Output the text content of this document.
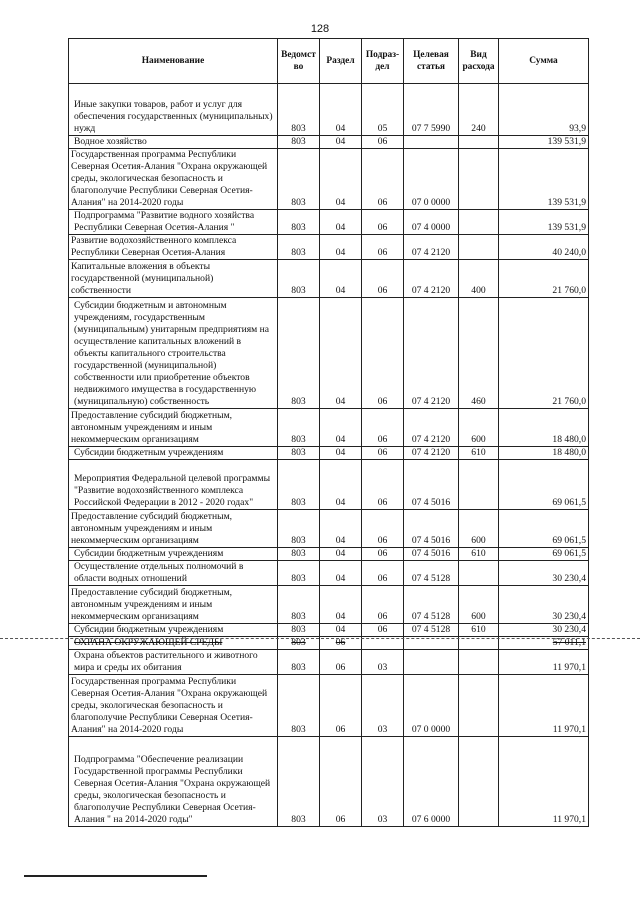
128
Наименование	Ведомст во	Раздел	Подраз- дел	Целевая статья	Вид расхода	Сумма
Иные закупки товаров, работ и услуг для обеспечения государственных (муниципальных) нужд	803	04	05	07 7 5990	240	93,9
Водное хозяйство	803	04	06			139 531,9
Государственная программа Республики Северная Осетия-Алания "Охрана окружающей среды, экологическая безопасность и благополучие Республики Северная Осетия-Алания" на 2014-2020 годы	803	04	06	07 0 0000		139 531,9
Подпрограмма "Развитие водного хозяйства Республики Северная Осетия-Алания "	803	04	06	07 4 0000		139 531,9
Развитие водохозяйственного комплекса Республики Северная Осетия-Алания	803	04	06	07 4 2120		40 240,0
Капитальные вложения в объекты государственной (муниципальной) собственности	803	04	06	07 4 2120	400	21 760,0
Субсидии бюджетным и автономным учреждениям, государственным (муниципальным) унитарным предприятиям на осуществление капитальных вложений в объекты капитального строительства государственной (муниципальной) собственности или приобретение объектов недвижимого имущества в государственную (муниципальную) собственность	803	04	06	07 4 2120	460	21 760,0
Предоставление субсидий бюджетным, автономным учреждениям и иным некоммерческим организациям	803	04	06	07 4 2120	600	18 480,0
Субсидии бюджетным учреждениям	803	04	06	07 4 2120	610	18 480,0
Мероприятия Федеральной целевой программы "Развитие водохозяйственного комплекса Российской Федерации в 2012 - 2020 годах"	803	04	06	07 4 5016		69 061,5
Предоставление субсидий бюджетным, автономным учреждениям и иным некоммерческим организациям	803	04	06	07 4 5016	600	69 061,5
Субсидии бюджетным учреждениям	803	04	06	07 4 5016	610	69 061,5
Осуществление отдельных полномочий в области водных отношений	803	04	06	07 4 5128		30 230,4
Предоставление субсидий бюджетным, автономным учреждениям и иным некоммерческим организациям	803	04	06	07 4 5128	600	30 230,4
Субсидии бюджетным учреждениям	803	04	06	07 4 5128	610	30 230,4
ОХРАНА ОКРУЖАЮЩЕЙ СРЕДЫ	803	06				57 011,1
Охрана объектов растительного и животного мира и среды их обитания	803	06	03			11 970,1
Государственная программа Республики Северная Осетия-Алания "Охрана окружающей среды, экологическая безопасность и благополучие Республики Северная Осетия-Алания" на 2014-2020 годы	803	06	03	07 0 0000		11 970,1
Подпрограмма "Обеспечение реализации Государственной программы Республики Северная Осетия-Алания "Охрана окружающей среды, экологическая безопасность и благополучие Республики Северная Осетия-Алания " на 2014-2020 годы"	803	06	03	07 6 0000		11 970,1
